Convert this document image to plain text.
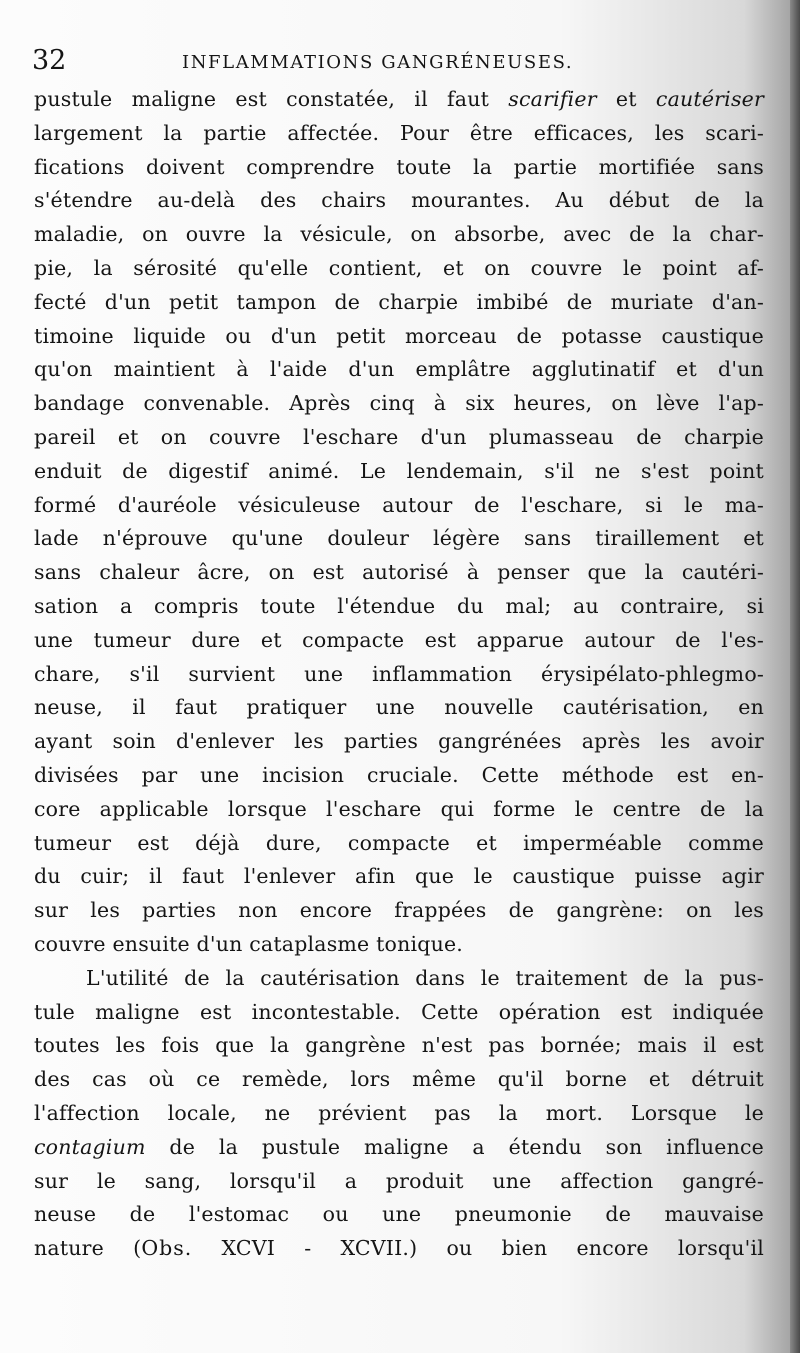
32	INFLAMMATIONS GANGRÉNEUSES.
pustule maligne est constatée, il faut scarifier et cautériser
largement la partie affectée. Pour être efficaces, les scari-
fications doivent comprendre toute la partie mortifiée sans
s'étendre au-delà des chairs mourantes. Au début de la
maladie, on ouvre la vésicule, on absorbe, avec de la char-
pie, la sérosité qu'elle contient, et on couvre le point af-
fecté d'un petit tampon de charpie imbibé de muriate d'an-
timoine liquide ou d'un petit morceau de potasse caustique
qu'on maintient à l'aide d'un emplâtre agglutinatif et d'un
bandage convenable. Après cinq à six heures, on lève l'ap-
pareil et on couvre l'eschare d'un plumasseau de charpie
enduit de digestif animé. Le lendemain, s'il ne s'est point
formé d'auréole vésiculeuse autour de l'eschare, si le ma-
lade n'éprouve qu'une douleur légère sans tiraillement et
sans chaleur âcre, on est autorisé à penser que la cautéri-
sation a compris toute l'étendue du mal; au contraire, si
une tumeur dure et compacte est apparue autour de l'es-
chare, s'il survient une inflammation érysipélato-phlegmo-
neuse, il faut pratiquer une nouvelle cautérisation, en
ayant soin d'enlever les parties gangrénées après les avoir
divisées par une incision cruciale. Cette méthode est en-
core applicable lorsque l'eschare qui forme le centre de la
tumeur est déjà dure, compacte et imperméable comme
du cuir; il faut l'enlever afin que le caustique puisse agir
sur les parties non encore frappées de gangrène: on les
couvre ensuite d'un cataplasme tonique.
L'utilité de la cautérisation dans le traitement de la pus-
tule maligne est incontestable. Cette opération est indiquée
toutes les fois que la gangrène n'est pas bornée; mais il est
des cas où ce remède, lors même qu'il borne et détruit
l'affection locale, ne prévient pas la mort. Lorsque le
contagium de la pustule maligne a étendu son influence
sur le sang, lorsqu'il a produit une affection gangré-
neuse de l'estomac ou une pneumonie de mauvaise
nature (Obs. XCVI - XCVII.) ou bien encore lorsqu'il
